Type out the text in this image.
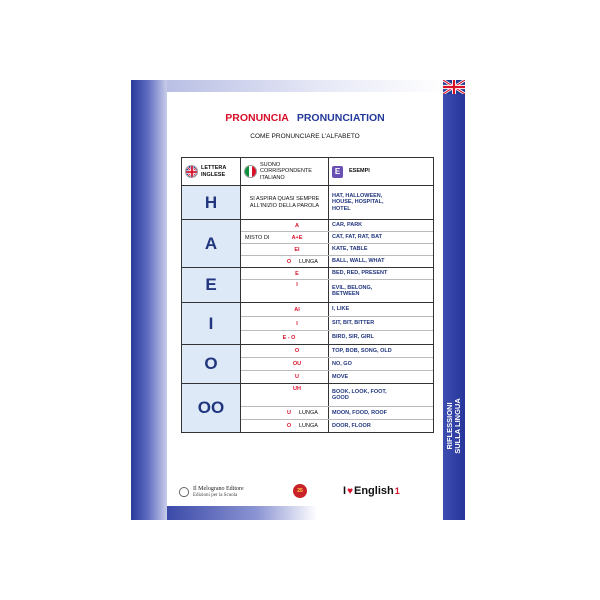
RIFLESSIONI SULLA LINGUA
PRONUNCIA PRONUNCIATION
COME PRONUNCIARE L'ALFABETO
LETTERA
INGLESE
SUONO
CORRISPONDENTE
ITALIANO
E	ESEMPI
H	SI ASPIRA QUASI SEMPRE
ALL'INIZIO DELLA PAROLA
HAT, HALLOWEEN,
HOUSE, HOSPITAL,
HOTEL
A
A	CAR, PARK
MISTO DI	A+E	CAT, FAT, RAT, BAT
EI	KATE, TABLE
O	LUNGA	BALL, WALL, WHAT
E
E	BED, RED, PRESENT
I	EVIL, BELONG,
BETWEEN
I
AI	I, LIKE
I	SIT, BIT, BITTER
E - O	BIRD, SIR, GIRL
O
O	TOP, BOB, SONG, OLD
OU	NO, GO
U	MOVE
OO
UH	BOOK, LOOK, FOOT,
GOOD
U	LUNGA	MOON, FOOD, ROOF
O	LUNGA	DOOR, FLOOR
Il Melograno Editore
Edizioni per la Scuola
25	I ♥ English 1
